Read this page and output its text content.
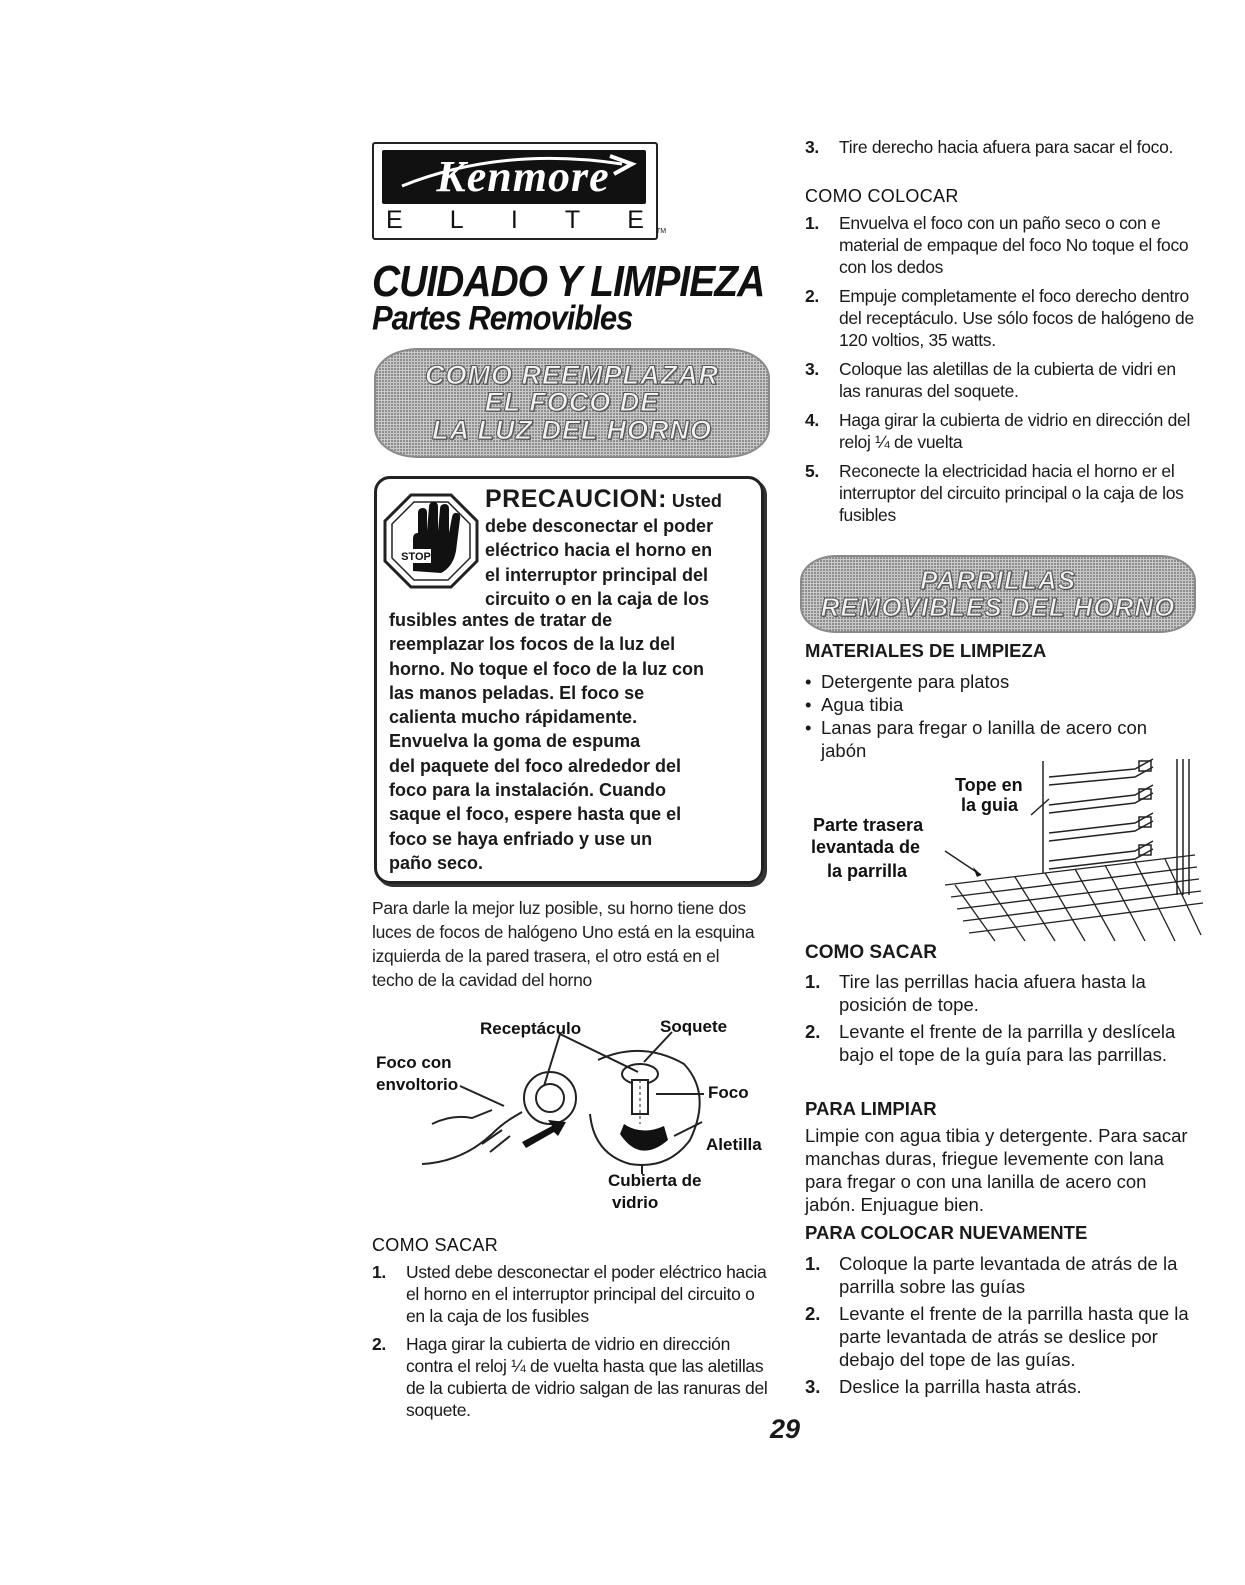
Kenmore
E L I T E TM
CUIDADO Y LIMPIEZA
Partes Removibles
COMO REEMPLAZAR
EL FOCO DE
LA LUZ DEL HORNO
STOP
PRECAUCION: Usted
debe desconectar el poder
eléctrico hacia el horno en
el interruptor principal del
circuito o en la caja de los
fusibles antes de tratar de
reemplazar los focos de la luz del
horno. No toque el foco de la luz con
las manos peladas. El foco se
calienta mucho rápidamente.
Envuelva la goma de espuma
del paquete del foco alrededor del
foco para la instalación. Cuando
saque el foco, espere hasta que el
foco se haya enfriado y use un
paño seco.
Para darle la mejor luz posible, su horno tiene dos luces de focos de halógeno Uno está en la esquina izquierda de la pared trasera, el otro está en el techo de la cavidad del horno
Receptáculo	Soquete
Foco con
envoltorio	Foco
Aletilla
Cubierta de
vidrio
COMO SACAR
1. Usted debe desconectar el poder eléctrico hacia el horno en el interruptor principal del circuito o en la caja de los fusibles
2. Haga girar la cubierta de vidrio en dirección contra el reloj ¼ de vuelta hasta que las aletillas de la cubierta de vidrio salgan de las ranuras del soquete.
3. Tire derecho hacia afuera para sacar el foco.
COMO COLOCAR
1. Envuelva el foco con un paño seco o con e material de empaque del foco No toque el foco con los dedos
2. Empuje completamente el foco derecho dentro del receptáculo. Use sólo focos de halógeno de 120 voltios, 35 watts.
3. Coloque las aletillas de la cubierta de vidri en las ranuras del soquete.
4. Haga girar la cubierta de vidrio en dirección del reloj ¼ de vuelta
5. Reconecte la electricidad hacia el horno er el interruptor del circuito principal o la caja de los fusibles
PARRILLAS
REMOVIBLES DEL HORNO
MATERIALES DE LIMPIEZA
• Detergente para platos
• Agua tibia
• Lanas para fregar o lanilla de acero con jabón
Tope en
la guia
Parte trasera
levantada de
la parrilla
COMO SACAR
1. Tire las perrillas hacia afuera hasta la posición de tope.
2. Levante el frente de la parrilla y deslícela bajo el tope de la guía para las parrillas.
PARA LIMPIAR
Limpie con agua tibia y detergente. Para sacar manchas duras, friegue levemente con lana para fregar o con una lanilla de acero con jabón. Enjuague bien.
PARA COLOCAR NUEVAMENTE
1. Coloque la parte levantada de atrás de la parrilla sobre las guías
2. Levante el frente de la parrilla hasta que la parte levantada de atrás se deslice por debajo del tope de las guías.
3. Deslice la parrilla hasta atrás.
29
